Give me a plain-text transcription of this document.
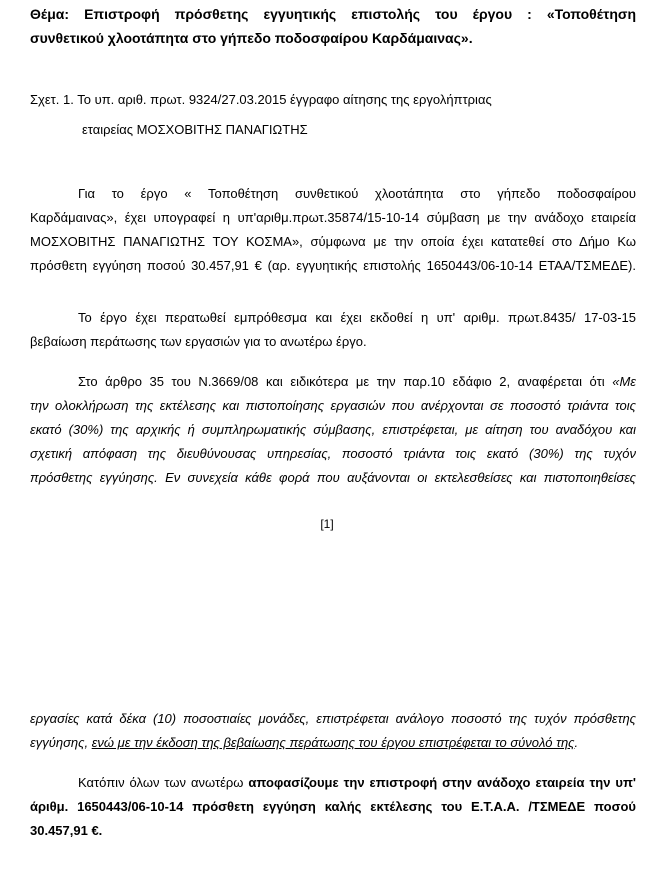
Θέμα: Επιστροφή πρόσθετης εγγυητικής επιστολής του έργου : «Τοποθέτηση
συνθετικού χλοοτάπητα στο γήπεδο ποδοσφαίρου Καρδάμαινας».
Σχετ. 1. Το υπ. αριθ. πρωτ. 9324/27.03.2015 έγγραφο αίτησης της εργολήπτριας
εταιρείας ΜΟΣΧΟΒΙΤΗΣ ΠΑΝΑΓΙΩΤΗΣ
Για το έργο « Τοποθέτηση συνθετικού χλοοτάπητα στο γήπεδο ποδοσφαίρου
Καρδάμαινας», έχει υπογραφεί η υπ'αριθμ.πρωτ.35874/15-10-14 σύμβαση με την ανάδοχο εταιρεία
ΜΟΣΧΟΒΙΤΗΣ ΠΑΝΑΓΙΩΤΗΣ ΤΟΥ ΚΟΣΜΑ», σύμφωνα με την οποία έχει κατατεθεί στο Δήμο Κω
πρόσθετη εγγύηση ποσού 30.457,91 € (αρ. εγγυητικής επιστολής 1650443/06-10-14 ΕΤΑΑ/ΤΣΜΕΔΕ).
Το έργο έχει περατωθεί εμπρόθεσμα και έχει εκδοθεί η υπ' αριθμ. πρωτ.8435/ 17-03-15
βεβαίωση περάτωσης των εργασιών για το ανωτέρω έργο.
Στο άρθρο 35 του Ν.3669/08 και ειδικότερα με την παρ.10 εδάφιο 2, αναφέρεται ότι «Με
την ολοκλήρωση της εκτέλεσης και πιστοποίησης εργασιών που ανέρχονται σε ποσοστό τριάντα τοις
εκατό (30%) της αρχικής ή συμπληρωματικής σύμβασης, επιστρέφεται, με αίτηση του αναδόχου και
σχετική απόφαση της διευθύνουσας υπηρεσίας, ποσοστό τριάντα τοις εκατό (30%) της τυχόν
πρόσθετης εγγύησης. Εν συνεχεία κάθε φορά που αυξάνονται οι εκτελεσθείσες και πιστοποιηθείσες
[1]
εργασίες κατά δέκα (10) ποσοστιαίες μονάδες, επιστρέφεται ανάλογο ποσοστό της τυχόν πρόσθετης
εγγύησης, ενώ με την έκδοση της βεβαίωσης περάτωσης του έργου επιστρέφεται το σύνολό της.
Κατόπιν όλων των ανωτέρω αποφασίζουμε την επιστροφή στην ανάδοχο εταιρεία την υπ'
άριθμ. 1650443/06-10-14 πρόσθετη εγγύηση καλής εκτέλεσης του Ε.Τ.Α.Α. /ΤΣΜΕΔΕ ποσού
30.457,91 €.
